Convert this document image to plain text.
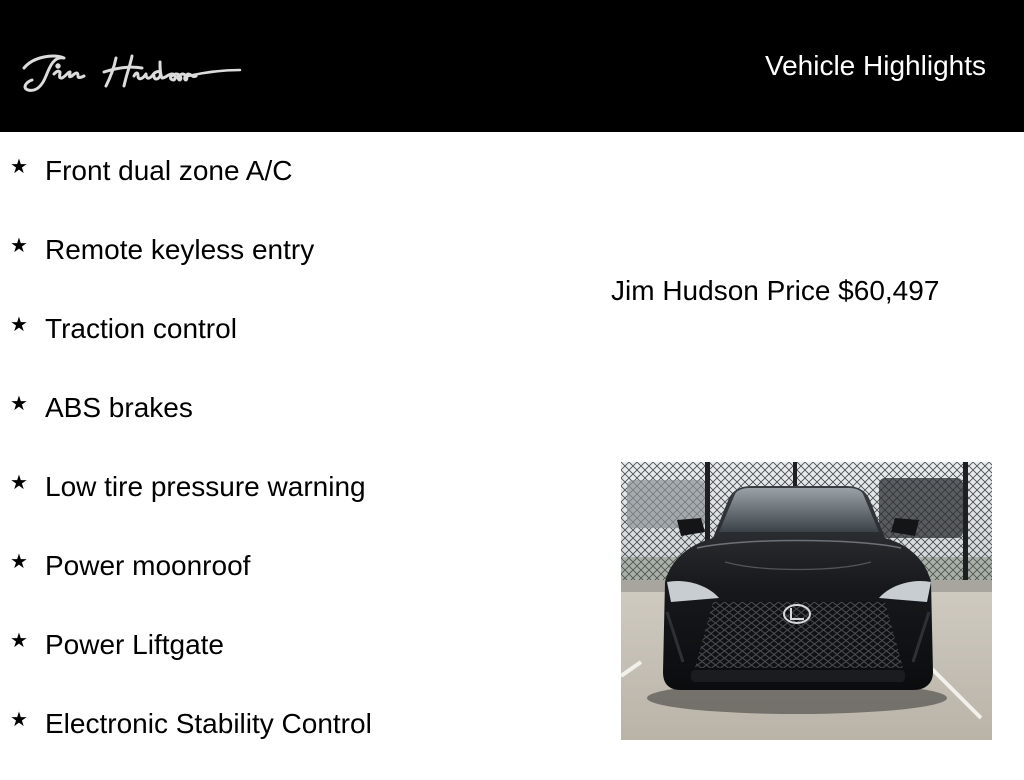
Vehicle Highlights
★ Front dual zone A/C
★ Remote keyless entry
★ Traction control
★ ABS brakes
★ Low tire pressure warning
★ Power moonroof
★ Power Liftgate
★ Electronic Stability Control
Jim Hudson Price $60,497
